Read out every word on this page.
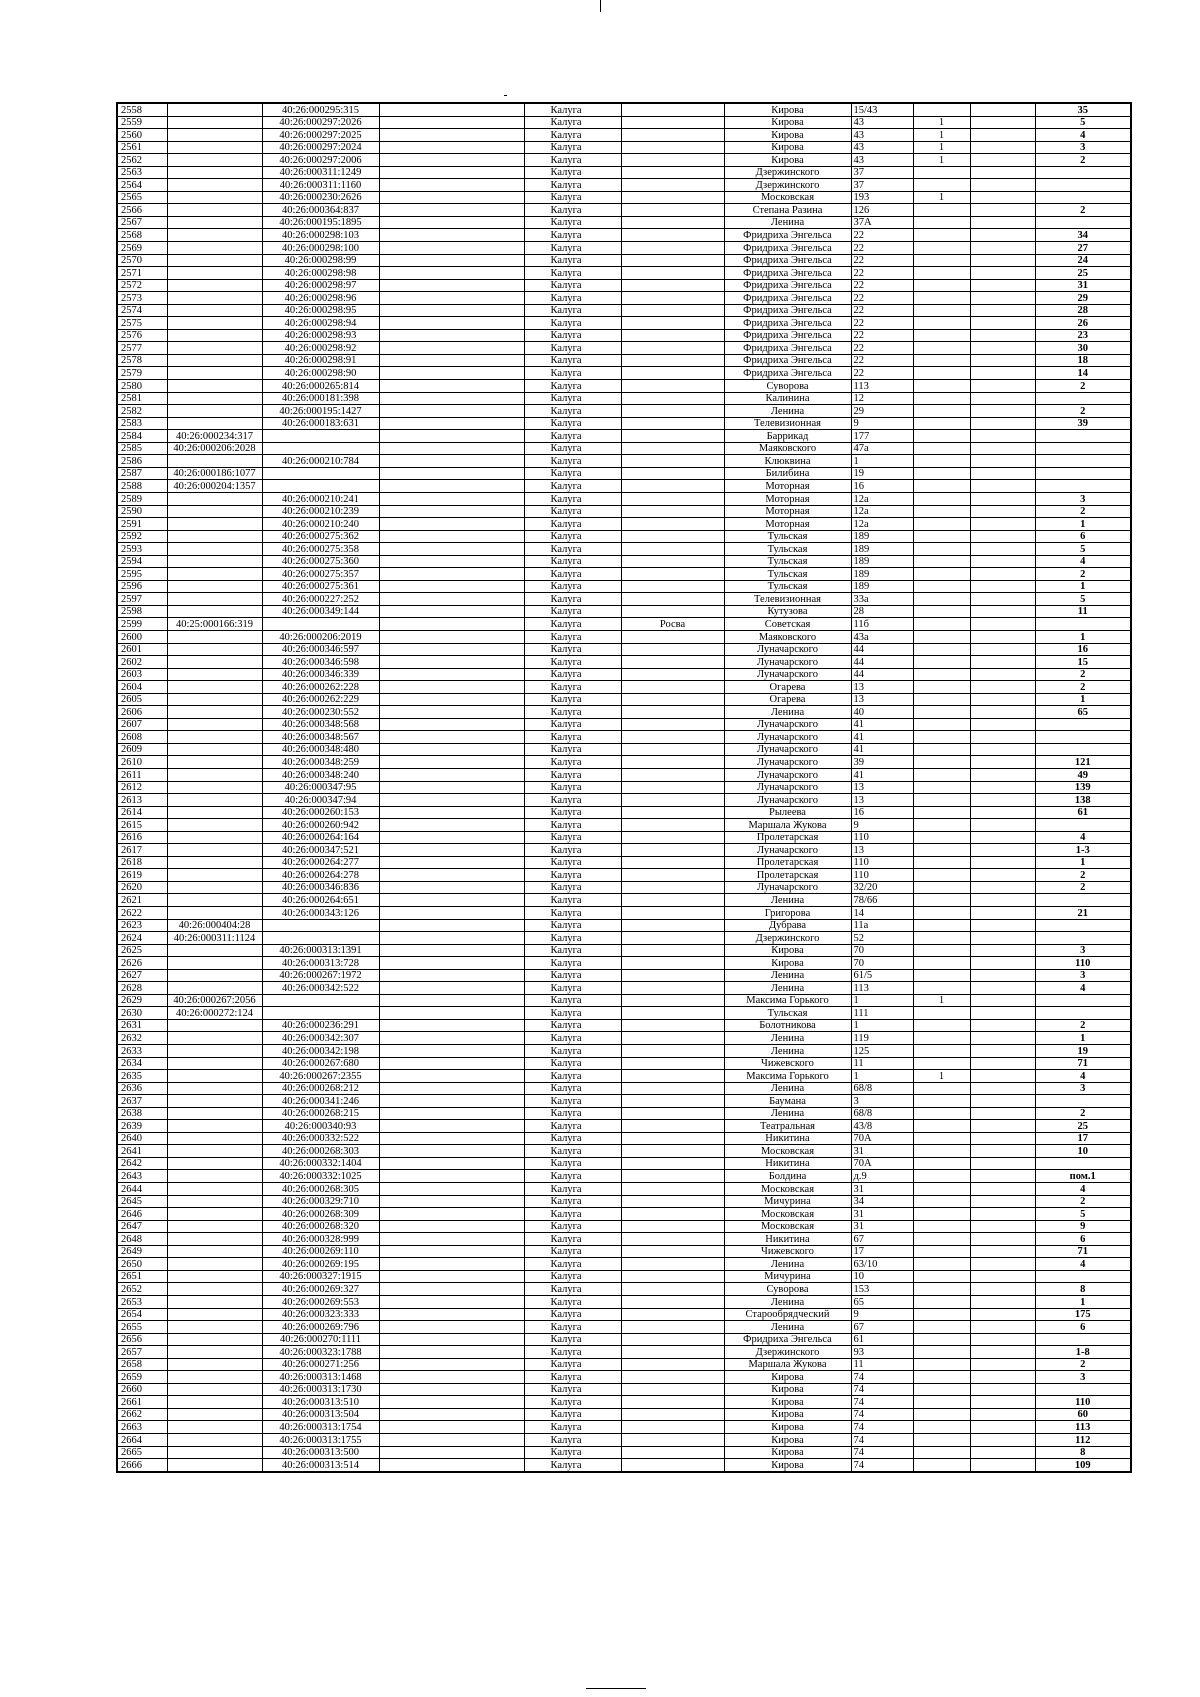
2558		40:26:000295:315		Калуга		Кирова	15/43			35
2559		40:26:000297:2026		Калуга		Кирова	43	1		5
2560		40:26:000297:2025		Калуга		Кирова	43	1		4
2561		40:26:000297:2024		Калуга		Кирова	43	1		3
2562		40:26:000297:2006		Калуга		Кирова	43	1		2
2563		40:26:000311:1249		Калуга		Дзержинского	37			
2564		40:26:000311:1160		Калуга		Дзержинского	37			
2565		40:26:000230:2626		Калуга		Московская	193	1		
2566		40:26:000364:837		Калуга		Степана Разина	126			2
2567		40:26:000195:1895		Калуга		Ленина	37А			
2568		40:26:000298:103		Калуга		Фридриха Энгельса	22			34
2569		40:26:000298:100		Калуга		Фридриха Энгельса	22			27
2570		40:26:000298:99		Калуга		Фридриха Энгельса	22			24
2571		40:26:000298:98		Калуга		Фридриха Энгельса	22			25
2572		40:26:000298:97		Калуга		Фридриха Энгельса	22			31
2573		40:26:000298:96		Калуга		Фридриха Энгельса	22			29
2574		40:26:000298:95		Калуга		Фридриха Энгельса	22			28
2575		40:26:000298:94		Калуга		Фридриха Энгельса	22			26
2576		40:26:000298:93		Калуга		Фридриха Энгельса	22			23
2577		40:26:000298:92		Калуга		Фридриха Энгельса	22			30
2578		40:26:000298:91		Калуга		Фридриха Энгельса	22			18
2579		40:26:000298:90		Калуга		Фридриха Энгельса	22			14
2580		40:26:000265:814		Калуга		Суворова	113			2
2581		40:26:000181:398		Калуга		Калинина	12			
2582		40:26:000195:1427		Калуга		Ленина	29			2
2583		40:26:000183:631		Калуга		Телевизионная	9			39
2584	40:26:000234:317			Калуга		Баррикад	177			
2585	40:26:000206:2028			Калуга		Маяковского	47а			
2586		40:26:000210:784		Калуга		Клюквина	1			
2587	40:26:000186:1077			Калуга		Билибина	19			
2588	40:26:000204:1357			Калуга		Моторная	16			
2589		40:26:000210:241		Калуга		Моторная	12а			3
2590		40:26:000210:239		Калуга		Моторная	12а			2
2591		40:26:000210:240		Калуга		Моторная	12а			1
2592		40:26:000275:362		Калуга		Тульская	189			6
2593		40:26:000275:358		Калуга		Тульская	189			5
2594		40:26:000275:360		Калуга		Тульская	189			4
2595		40:26:000275:357		Калуга		Тульская	189			2
2596		40:26:000275:361		Калуга		Тульская	189			1
2597		40:26:000227:252		Калуга		Телевизионная	33а			5
2598		40:26:000349:144		Калуга		Кутузова	28			11
2599	40:25:000166:319			Калуга	Росва	Советская	11б			
2600		40:26:000206:2019		Калуга		Маяковского	43а			1
2601		40:26:000346:597		Калуга		Луначарского	44			16
2602		40:26:000346:598		Калуга		Луначарского	44			15
2603		40:26:000346:339		Калуга		Луначарского	44			2
2604		40:26:000262:228		Калуга		Огарева	13			2
2605		40:26:000262:229		Калуга		Огарева	13			1
2606		40:26:000230:552		Калуга		Ленина	40			65
2607		40:26:000348:568		Калуга		Луначарского	41			
2608		40:26:000348:567		Калуга		Луначарского	41			
2609		40:26:000348:480		Калуга		Луначарского	41			
2610		40:26:000348:259		Калуга		Луначарского	39			121
2611		40:26:000348:240		Калуга		Луначарского	41			49
2612		40:26:000347:95		Калуга		Луначарского	13			139
2613		40:26:000347:94		Калуга		Луначарского	13			138
2614		40:26:000260:153		Калуга		Рылеева	16			61
2615		40:26:000260:942		Калуга		Маршала Жукова	9			
2616		40:26:000264:164		Калуга		Пролетарская	110			4
2617		40:26:000347:521		Калуга		Луначарского	13			1-3
2618		40:26:000264:277		Калуга		Пролетарская	110			1
2619		40:26:000264:278		Калуга		Пролетарская	110			2
2620		40:26:000346:836		Калуга		Луначарского	32/20			2
2621		40:26:000264:651		Калуга		Ленина	78/66			
2622		40:26:000343:126		Калуга		Григорова	14			21
2623	40:26:000404:28			Калуга		Дубрава	11а			
2624	40:26:000311:1124			Калуга		Дзержинского	52			
2625		40:26:000313:1391		Калуга		Кирова	70			3
2626		40:26:000313:728		Калуга		Кирова	70			110
2627		40:26:000267:1972		Калуга		Ленина	61/5			3
2628		40:26:000342:522		Калуга		Ленина	113			4
2629	40:26:000267:2056			Калуга		Максима Горького	1	1		
2630	40:26:000272:124			Калуга		Тульская	111			
2631		40:26:000236:291		Калуга		Болотникова	1			2
2632		40:26:000342:307		Калуга		Ленина	119			1
2633		40:26:000342:198		Калуга		Ленина	125			19
2634		40:26:000267:680		Калуга		Чижевского	11			71
2635		40:26:000267:2355		Калуга		Максима Горького	1	1		4
2636		40:26:000268:212		Калуга		Ленина	68/8			3
2637		40:26:000341:246		Калуга		Баумана	3			
2638		40:26:000268:215		Калуга		Ленина	68/8			2
2639		40:26:000340:93		Калуга		Театральная	43/8			25
2640		40:26:000332:522		Калуга		Никитина	70А			17
2641		40:26:000268:303		Калуга		Московская	31			10
2642		40:26:000332:1404		Калуга		Никитина	70А			
2643		40:26:000332:1025		Калуга		Болдина	д.9			пом.1
2644		40:26:000268:305		Калуга		Московская	31			4
2645		40:26:000329:710		Калуга		Мичурина	34			2
2646		40:26:000268:309		Калуга		Московская	31			5
2647		40:26:000268:320		Калуга		Московская	31			9
2648		40:26:000328:999		Калуга		Никитина	67			6
2649		40:26:000269:110		Калуга		Чижевского	17			71
2650		40:26:000269:195		Калуга		Ленина	63/10			4
2651		40:26:000327:1915		Калуга		Мичурина	10			
2652		40:26:000269:327		Калуга		Суворова	153			8
2653		40:26:000269:553		Калуга		Ленина	65			1
2654		40:26:000323:333		Калуга		Старообрядческий	9			175
2655		40:26:000269:796		Калуга		Ленина	67			6
2656		40:26:000270:1111		Калуга		Фридриха Энгельса	61			
2657		40:26:000323:1788		Калуга		Дзержинского	93			1-8
2658		40:26:000271:256		Калуга		Маршала Жукова	11			2
2659		40:26:000313:1468		Калуга		Кирова	74			3
2660		40:26:000313:1730		Калуга		Кирова	74			
2661		40:26:000313:510		Калуга		Кирова	74			110
2662		40:26:000313:504		Калуга		Кирова	74			60
2663		40:26:000313:1754		Калуга		Кирова	74			113
2664		40:26:000313:1755		Калуга		Кирова	74			112
2665		40:26:000313:500		Калуга		Кирова	74			8
2666		40:26:000313:514		Калуга		Кирова	74			109
